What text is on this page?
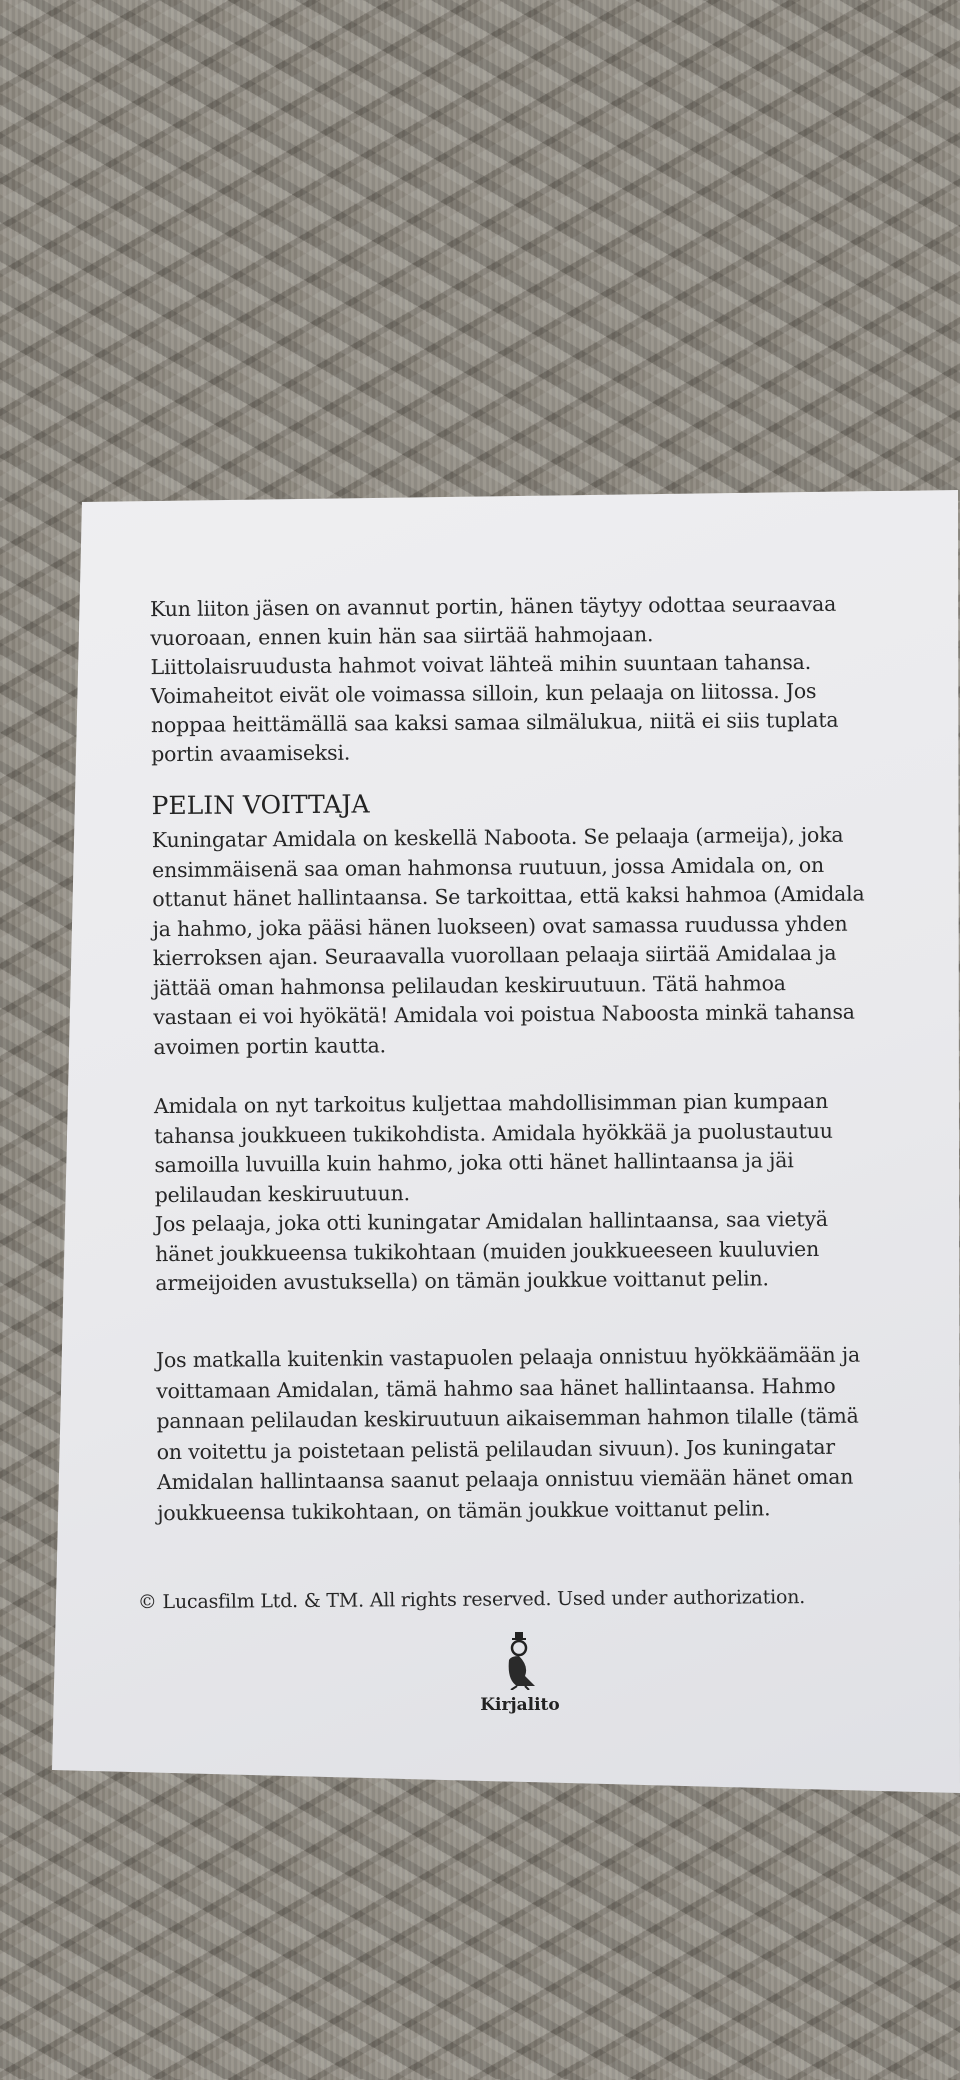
Kun liiton jäsen on avannut portin, hänen täytyy odottaa seuraavaa
vuoroaan, ennen kuin hän saa siirtää hahmojaan.
Liittolaisruudusta hahmot voivat lähteä mihin suuntaan tahansa.
Voimaheitot eivät ole voimassa silloin, kun pelaaja on liitossa. Jos
noppaa heittämällä saa kaksi samaa silmälukua, niitä ei siis tuplata
portin avaamiseksi.
PELIN VOITTAJA
Kuningatar Amidala on keskellä Naboota. Se pelaaja (armeija), joka
ensimmäisenä saa oman hahmonsa ruutuun, jossa Amidala on, on
ottanut hänet hallintaansa. Se tarkoittaa, että kaksi hahmoa (Amidala
ja hahmo, joka pääsi hänen luokseen) ovat samassa ruudussa yhden
kierroksen ajan. Seuraavalla vuorollaan pelaaja siirtää Amidalaa ja
jättää oman hahmonsa pelilaudan keskiruutuun. Tätä hahmoa
vastaan ei voi hyökätä! Amidala voi poistua Naboosta minkä tahansa
avoimen portin kautta.
Amidala on nyt tarkoitus kuljettaa mahdollisimman pian kumpaan
tahansa joukkueen tukikohdista. Amidala hyökkää ja puolustautuu
samoilla luvuilla kuin hahmo, joka otti hänet hallintaansa ja jäi
pelilaudan keskiruutuun.
Jos pelaaja, joka otti kuningatar Amidalan hallintaansa, saa vietyä
hänet joukkueensa tukikohtaan (muiden joukkueeseen kuuluvien
armeijoiden avustuksella) on tämän joukkue voittanut pelin.
Jos matkalla kuitenkin vastapuolen pelaaja onnistuu hyökkäämään ja
voittamaan Amidalan, tämä hahmo saa hänet hallintaansa. Hahmo
pannaan pelilaudan keskiruutuun aikaisemman hahmon tilalle (tämä
on voitettu ja poistetaan pelistä pelilaudan sivuun). Jos kuningatar
Amidalan hallintaansa saanut pelaaja onnistuu viemään hänet oman
joukkueensa tukikohtaan, on tämän joukkue voittanut pelin.
© Lucasfilm Ltd. & TM. All rights reserved. Used under authorization.
Kirjalito
